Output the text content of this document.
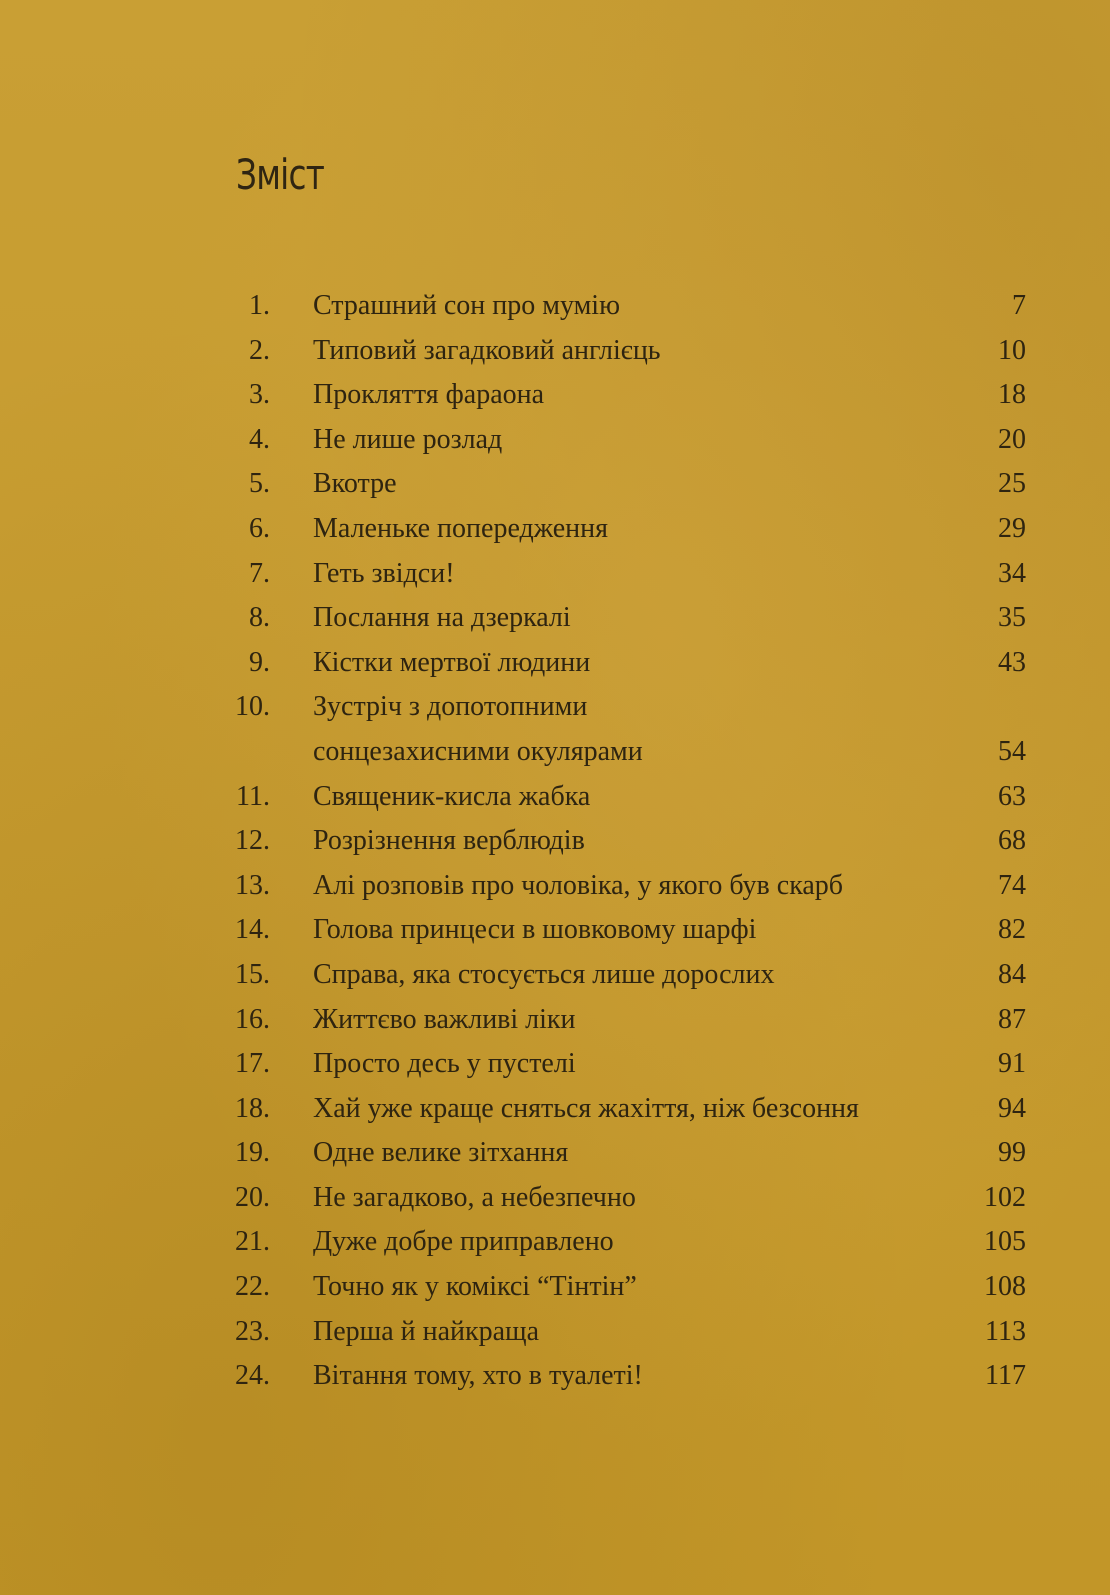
Зміст
1. Страшний сон про мумію	7
2. Типовий загадковий англієць	10
3. Прокляття фараона	18
4. Не лише розлад	20
5. Вкотре	25
6. Маленьке попередження	29
7. Геть звідси!	34
8. Послання на дзеркалі	35
9. Кістки мертвої людини	43
10. Зустріч з допотопними
сонцезахисними окулярами	54
11. Священик-кисла жабка	63
12. Розрізнення верблюдів	68
13. Алі розповів про чоловіка, у якого був скарб	74
14. Голова принцеси в шовковому шарфі	82
15. Справа, яка стосується лише дорослих	84
16. Життєво важливі ліки	87
17. Просто десь у пустелі	91
18. Хай уже краще сняться жахіття, ніж безсоння	94
19. Одне велике зітхання	99
20. Не загадково, а небезпечно	102
21. Дуже добре приправлено	105
22. Точно як у коміксі “Тінтін”	108
23. Перша й найкраща	113
24. Вітання тому, хто в туалеті!	117
